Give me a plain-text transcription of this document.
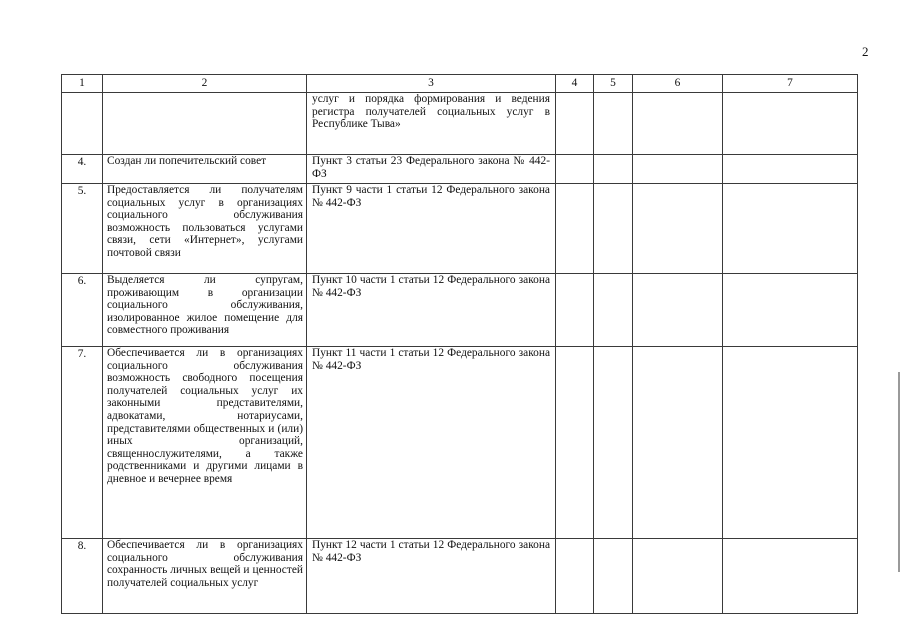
2
1	2	3	4	5	6	7
		услуг и порядка формирования и ведения регистра получателей социальных услуг в Республике Тыва»				
4.	Создан ли попечительский совет	Пункт 3 статьи 23 Федерального закона № 442-ФЗ				
5.	Предоставляется ли получателям социальных услуг в организациях социального обслуживания возможность пользоваться услугами связи, сети «Интернет», услугами почтовой связи	Пункт 9 части 1 статьи 12 Федерального закона № 442-ФЗ				
6.	Выделяется ли супругам, проживающим в организации социального обслуживания, изолированное жилое помещение для совместного проживания	Пункт 10 части 1 статьи 12 Федерального закона № 442-ФЗ				
7.	Обеспечивается ли в организациях социального обслуживания возможность свободного посещения получателей социальных услуг их законными представителями, адвокатами, нотариусами, представителями общественных и (или) иных организаций, священнослужителями, а также родственниками и другими лицами в дневное и вечернее время	Пункт 11 части 1 статьи 12 Федерального закона № 442-ФЗ				
8.	Обеспечивается ли в организациях социального обслуживания сохранность личных вещей и ценностей получателей социальных услуг	Пункт 12 части 1 статьи 12 Федерального закона № 442-ФЗ				
